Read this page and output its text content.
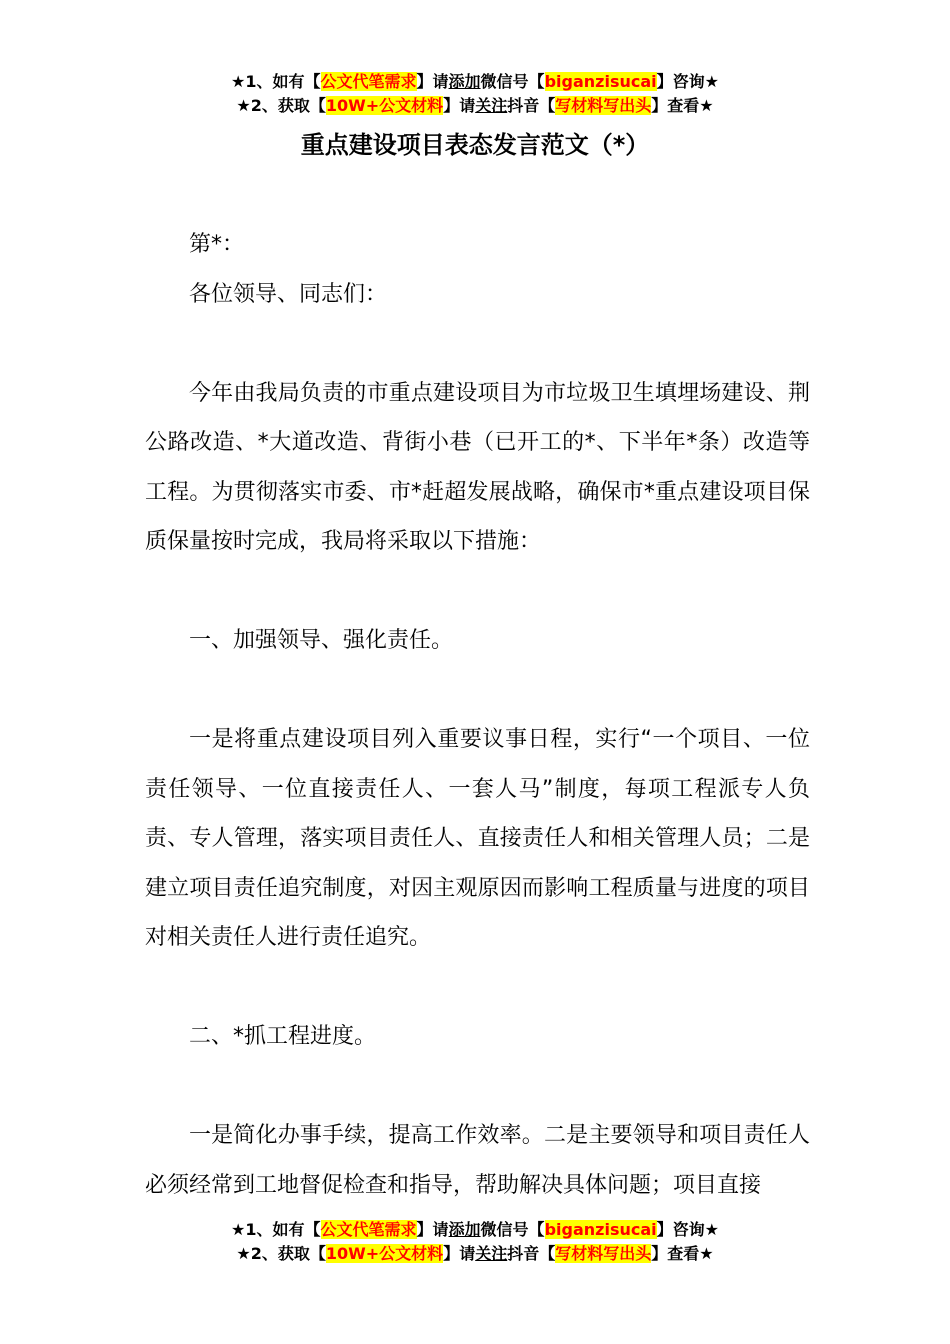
★1、如有【公文代笔需求】请添加微信号【biganzisucai】咨询★
★2、获取【10W+公文材料】请关注抖音【写材料写出头】查看★
重点建设项目表态发言范文（*）

第*：

各位领导、同志们：

今年由我局负责的市重点建设项目为市垃圾卫生填埋场建设、荆公路改造、*大道改造、背街小巷（已开工的*、下半年*条）改造等工程。为贯彻落实市委、市*赶超发展战略，确保市*重点建设项目保质保量按时完成，我局将采取以下措施：

一、加强领导、强化责任。

一是将重点建设项目列入重要议事日程，实行“一个项目、一位责任领导、一位直接责任人、一套人马”制度，每项工程派专人负责、专人管理，落实项目责任人、直接责任人和相关管理人员；二是建立项目责任追究制度，对因主观原因而影响工程质量与进度的项目对相关责任人进行责任追究。

二、*抓工程进度。

一是简化办事手续，提高工作效率。二是主要领导和项目责任人必须经常到工地督促检查和指导，帮助解决具体问题；项目直接

★1、如有【公文代笔需求】请添加微信号【biganzisucai】咨询★
★2、获取【10W+公文材料】请关注抖音【写材料写出头】查看★
